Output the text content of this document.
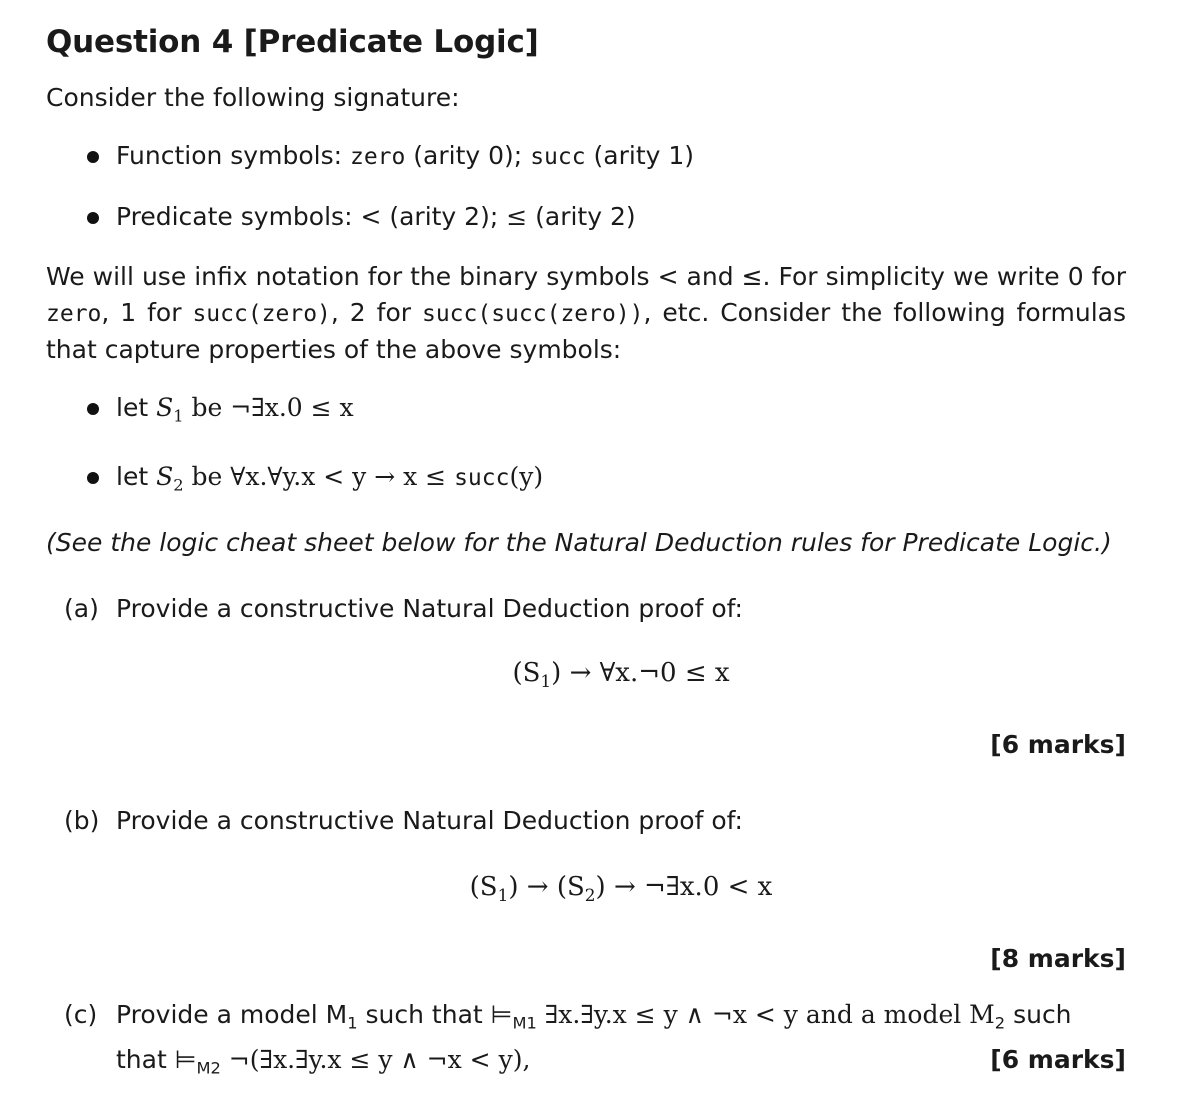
Question 4 [Predicate Logic]
Consider the following signature:
Function symbols: zero (arity 0); succ (arity 1)
Predicate symbols: < (arity 2); ≤ (arity 2)
We will use infix notation for the binary symbols < and ≤. For simplicity we write 0 for zero, 1 for succ(zero), 2 for succ(succ(zero)), etc. Consider the following formulas that capture properties of the above symbols:
let $S_1$ be ¬∃x.0 ≤ x
let $S_2$ be ∀x.∀y.x < y → x ≤ succ(y)
(See the logic cheat sheet below for the Natural Deduction rules for Predicate Logic.)
(a) Provide a constructive Natural Deduction proof of:
$(S_1)$ → ∀x.¬0 ≤ x
[6 marks]
(b) Provide a constructive Natural Deduction proof of:
$(S_1) \to (S_2)$ → ¬∃x.0 < x
[8 marks]
(c) Provide a model $M_1$ such that $⊨_{M1}$ ∃x.∃y.x ≤ y ∧ ¬x < y and a model $M_2$ such
that $⊨_{M2}$ ¬(∃x.∃y.x ≤ y ∧ ¬x < y),	[6 marks]
